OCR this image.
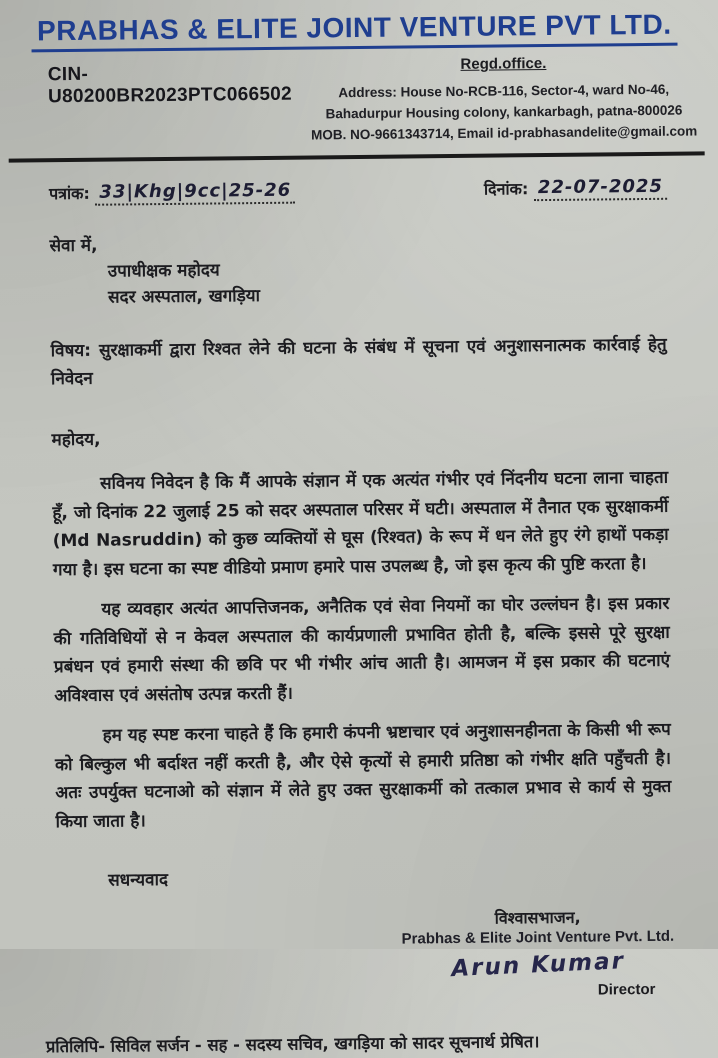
PRABHAS & ELITE JOINT VENTURE PVT LTD.
CIN-U80200BR2023PTC066502
Regd.office.
Address: House No-RCB-116, Sector-4, ward No-46,
Bahadurpur Housing colony, kankarbagh, patna-800026
MOB. NO-9661343714, Email id-prabhasandelite@gmail.com
पत्रांक: 33|Khg|9cc|25-26	दिनांक: 22-07-2025
सेवा में,
उपाधीक्षक महोदय
सदर अस्पताल, खगड़िया
विषय: सुरक्षाकर्मी द्वारा रिश्वत लेने की घटना के संबंध में सूचना एवं अनुशासनात्मक कार्रवाई हेतु निवेदन
महोदय,
सविनय निवेदन है कि मैं आपके संज्ञान में एक अत्यंत गंभीर एवं निंदनीय घटना लाना चाहता हूँ, जो दिनांक 22 जुलाई 25 को सदर अस्पताल परिसर में घटी। अस्पताल में तैनात एक सुरक्षाकर्मी (Md Nasruddin) को कुछ व्यक्तियों से घूस (रिश्वत) के रूप में धन लेते हुए रंगे हाथों पकड़ा गया है। इस घटना का स्पष्ट वीडियो प्रमाण हमारे पास उपलब्ध है, जो इस कृत्य की पुष्टि करता है।
यह व्यवहार अत्यंत आपत्तिजनक, अनैतिक एवं सेवा नियमों का घोर उल्लंघन है। इस प्रकार की गतिविधियों से न केवल अस्पताल की कार्यप्रणाली प्रभावित होती है, बल्कि इससे पूरे सुरक्षा प्रबंधन एवं हमारी संस्था की छवि पर भी गंभीर आंच आती है। आमजन में इस प्रकार की घटनाएं अविश्वास एवं असंतोष उत्पन्न करती हैं।
हम यह स्पष्ट करना चाहते हैं कि हमारी कंपनी भ्रष्टाचार एवं अनुशासनहीनता के किसी भी रूप को बिल्कुल भी बर्दाश्त नहीं करती है, और ऐसे कृत्यों से हमारी प्रतिष्ठा को गंभीर क्षति पहुँचती है। अतः उपर्युक्त घटनाओ को संज्ञान में लेते हुए उक्त सुरक्षाकर्मी को तत्काल प्रभाव से कार्य से मुक्त किया जाता है।
सधन्यवाद
विश्वासभाजन,
Prabhas & Elite Joint Venture Pvt. Ltd.
Arun Kumar
Director
प्रतिलिपि- सिविल सर्जन - सह - सदस्य सचिव, खगड़िया को सादर सूचनार्थ प्रेषित।
